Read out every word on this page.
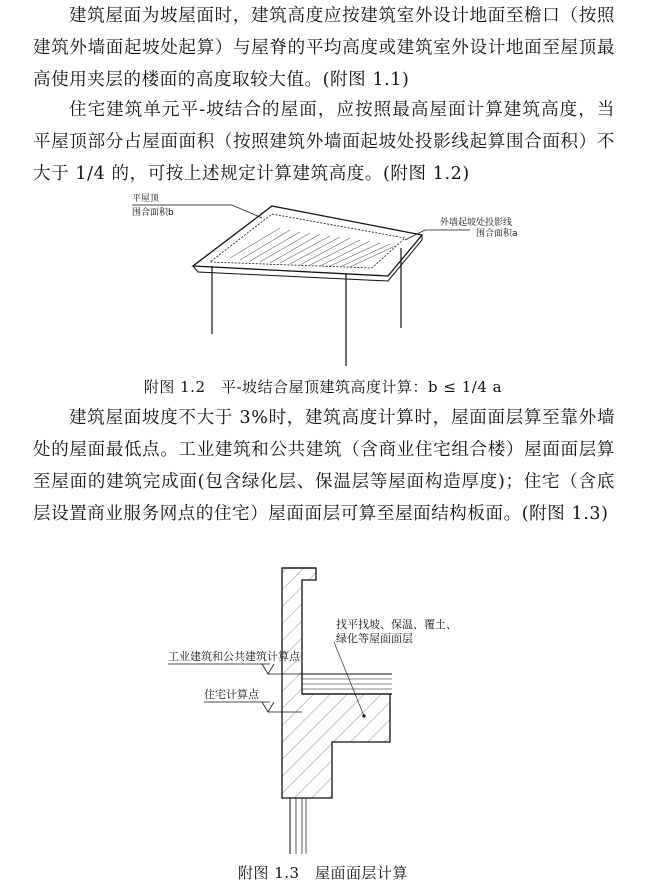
建筑屋面为坡屋面时，建筑高度应按建筑室外设计地面至檐口（按照建筑外墙面起坡处起算）与屋脊的平均高度或建筑室外设计地面至屋顶最高使用夹层的楼面的高度取较大值。(附图 1.1)

住宅建筑单元平-坡结合的屋面，应按照最高屋面计算建筑高度，当平屋顶部分占屋面面积（按照建筑外墙面起坡处投影线起算围合面积）不大于 1/4 的，可按上述规定计算建筑高度。(附图 1.2)

平屋顶
围合面积b
外墙起坡处投影线
围合面积a
附图 1.2　平-坡结合屋顶建筑高度计算：b ≤ 1/4 a

建筑屋面坡度不大于 3%时，建筑高度计算时，屋面面层算至靠外墙处的屋面最低点。工业建筑和公共建筑（含商业住宅组合楼）屋面面层算至屋面的建筑完成面(包含绿化层、保温层等屋面构造厚度)；住宅（含底层设置商业服务网点的住宅）屋面面层可算至屋面结构板面。(附图 1.3)

找平找坡、保温、覆土、
绿化等屋面面层
工业建筑和公共建筑计算点
住宅计算点
附图 1.3　屋面面层计算
